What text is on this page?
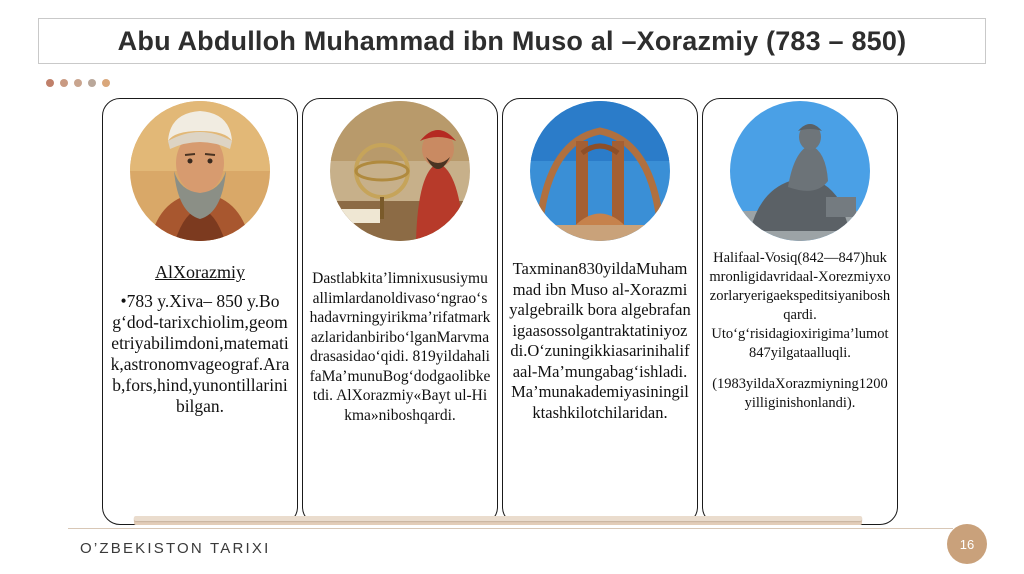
Abu Abdulloh Muhammad ibn Muso al –Xorazmiy (783 – 850)
AlXorazmiy
•783 y.Xiva– 850 y.Bog‘dod-tarixchiolim,geometriyabilimdoni,matematik,astronomvageograf.Arab,fors,hind,yunontillarinibilgan.
Dastlabkita’limnixususiymuallimlardanoldivaso‘ngrao‘shadavrningyirikma’rifatmarkazlaridanbiribo‘lganMarvmadrasasidao‘qidi. 819yildahalifaMa’munuBog‘dodgaolibketdi. AlXorazmiy«Bayt ul-Hikma»niboshqardi.
Taxminan830yildaMuhammad ibn Muso al-Xorazmiyalgebrailk bora algebrafanigaasossolgantraktatiniyozdi.O‘zuningikkiasarinihalifaal-Ma’mungabag‘ishladi.Ma’munakademiyasiningilktashkilotchilaridan.
Halifaal-Vosiq(842—847)hukmronligidavridaal-Xorezmiyxozorlaryerigaekspeditsiyaniboshqardi.
Uto‘g‘risidagioxirigima’lumot847yilgataalluqli.
(1983yildaXorazmiyning1200yilliginishonlandi).
O’ZBEKISTON TARIXI	16
